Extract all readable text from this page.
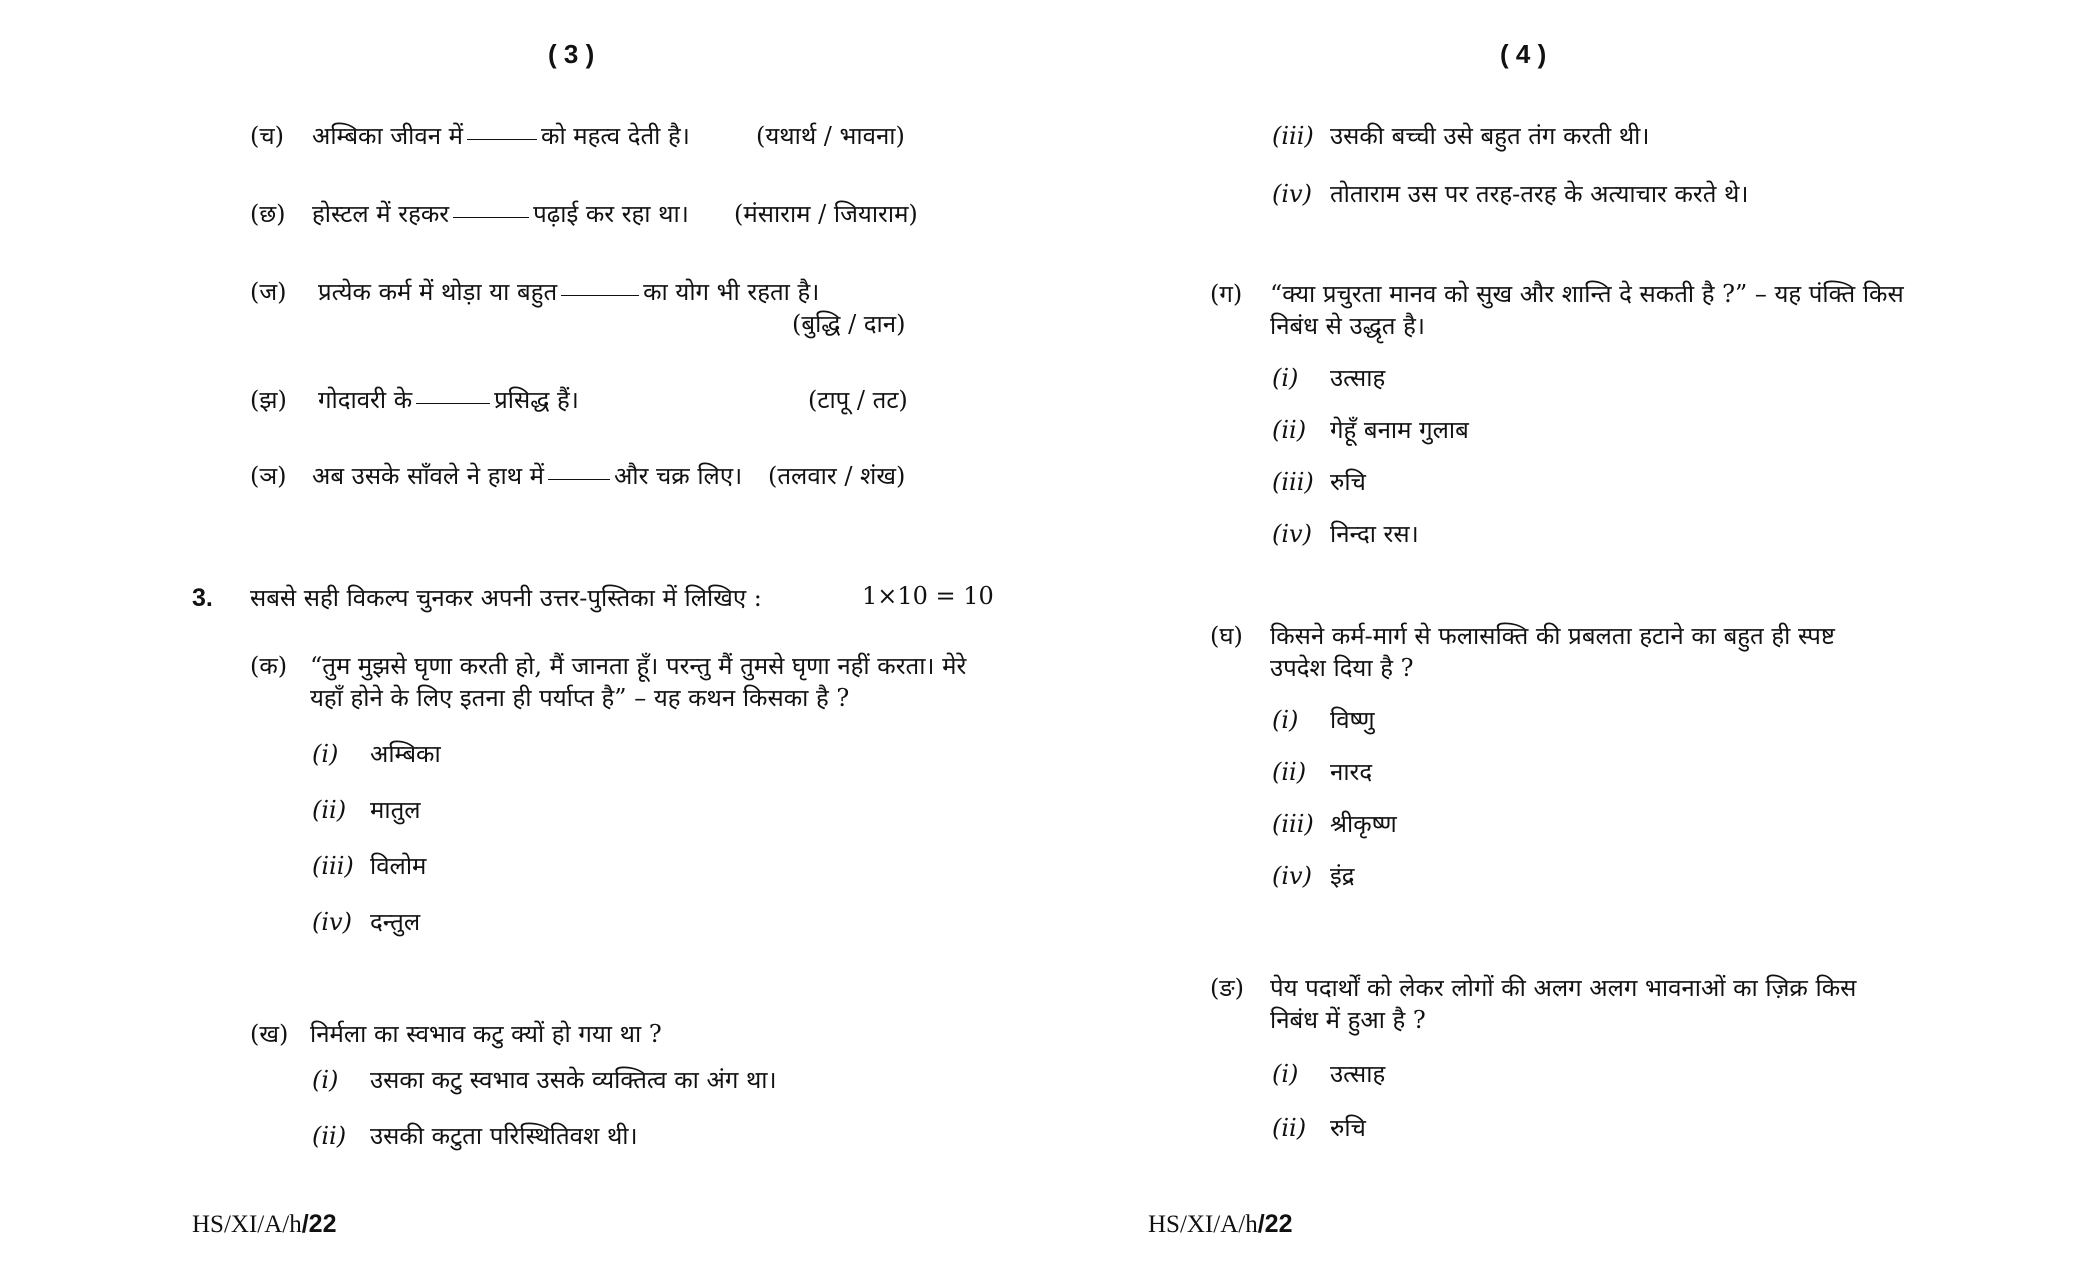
( 3 )
(च) अम्बिका जीवन में	को महत्व देती है।	(यथार्थ / भावना)
(छ) होस्टल में रहकर	पढ़ाई कर रहा था। (मंसाराम / जियाराम)
(ज) प्रत्येक कर्म में थोड़ा या बहुत	का योग भी रहता है।
(बुद्धि / दान)
(झ) गोदावरी के	प्रसिद्ध हैं।	(टापू / तट)
(ञ) अब उसके साँवले ने हाथ में	और चक्र लिए। (तलवार / शंख)
3. सबसे सही विकल्प चुनकर अपनी उत्तर-पुस्तिका में लिखिए :	1×10 = 10
(क) “तुम मुझसे घृणा करती हो, मैं जानता हूँ। परन्तु मैं तुमसे घृणा नहीं करता। मेरे
यहाँ होने के लिए इतना ही पर्याप्त है” – यह कथन किसका है ?
(i) अम्बिका
(ii) मातुल
(iii) विलोम
(iv) दन्तुल
(ख) निर्मला का स्वभाव कटु क्यों हो गया था ?
(i) उसका कटु स्वभाव उसके व्यक्तित्व का अंग था।
(ii) उसकी कटुता परिस्थितिवश थी।
HS/XI/A/h/22
( 4 )
(iii) उसकी बच्ची उसे बहुत तंग करती थी।
(iv) तोताराम उस पर तरह-तरह के अत्याचार करते थे।
(ग) “क्या प्रचुरता मानव को सुख और शान्ति दे सकती है ?” – यह पंक्ति किस
निबंध से उद्धृत है।
(i) उत्साह
(ii) गेहूँ बनाम गुलाब
(iii) रुचि
(iv) निन्दा रस।
(घ) किसने कर्म-मार्ग से फलासक्ति की प्रबलता हटाने का बहुत ही स्पष्ट
उपदेश दिया है ?
(i) विष्णु
(ii) नारद
(iii) श्रीकृष्ण
(iv) इंद्र
(ङ) पेय पदार्थों को लेकर लोगों की अलग अलग भावनाओं का ज़िक्र किस
निबंध में हुआ है ?
(i) उत्साह
(ii) रुचि
HS/XI/A/h/22
